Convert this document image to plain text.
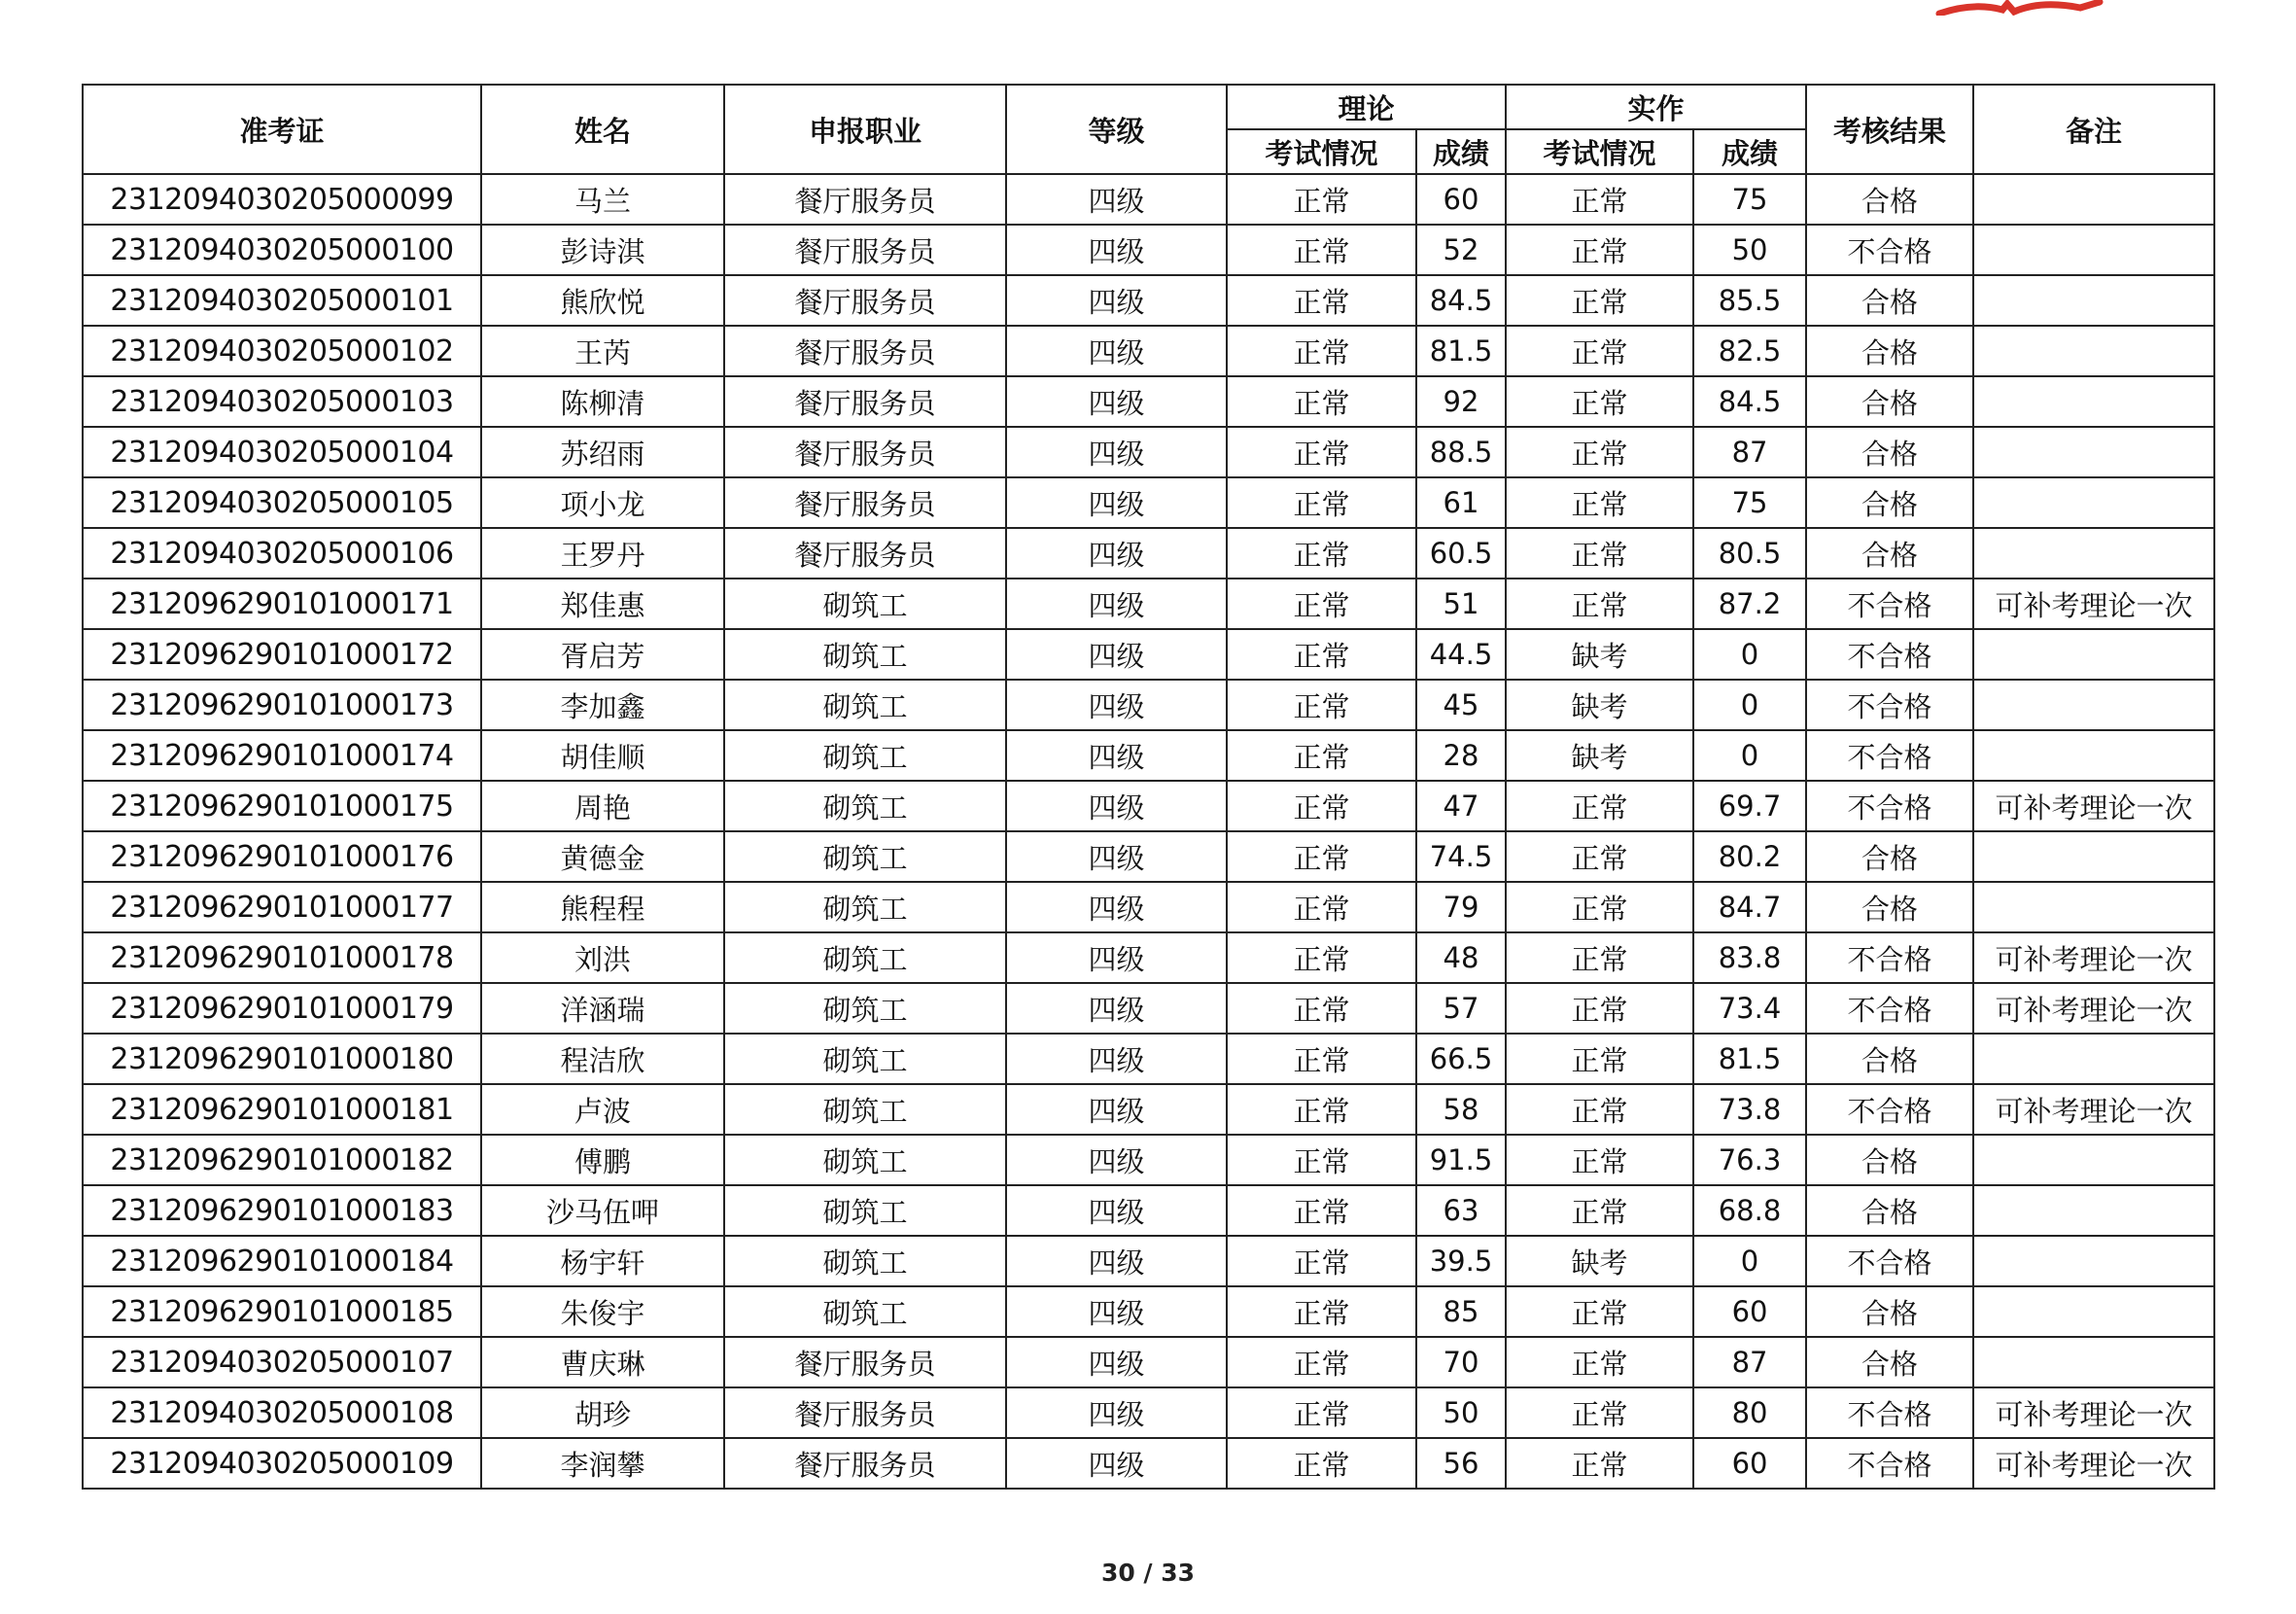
准考证	姓名	申报职业	等级	理论		实作		考核结果	备注
				考试情况	成绩	考试情况	成绩		
2312094030205000099	马兰	餐厅服务员	四级	正常	60	正常	75	合格	
2312094030205000100	彭诗淇	餐厅服务员	四级	正常	52	正常	50	不合格	
2312094030205000101	熊欣悦	餐厅服务员	四级	正常	84.5	正常	85.5	合格	
2312094030205000102	王芮	餐厅服务员	四级	正常	81.5	正常	82.5	合格	
2312094030205000103	陈柳清	餐厅服务员	四级	正常	92	正常	84.5	合格	
2312094030205000104	苏绍雨	餐厅服务员	四级	正常	88.5	正常	87	合格	
2312094030205000105	项小龙	餐厅服务员	四级	正常	61	正常	75	合格	
2312094030205000106	王罗丹	餐厅服务员	四级	正常	60.5	正常	80.5	合格	
2312096290101000171	郑佳惠	砌筑工	四级	正常	51	正常	87.2	不合格	可补考理论一次
2312096290101000172	胥启芳	砌筑工	四级	正常	44.5	缺考	0	不合格	
2312096290101000173	李加鑫	砌筑工	四级	正常	45	缺考	0	不合格	
2312096290101000174	胡佳顺	砌筑工	四级	正常	28	缺考	0	不合格	
2312096290101000175	周艳	砌筑工	四级	正常	47	正常	69.7	不合格	可补考理论一次
2312096290101000176	黄德金	砌筑工	四级	正常	74.5	正常	80.2	合格	
2312096290101000177	熊程程	砌筑工	四级	正常	79	正常	84.7	合格	
2312096290101000178	刘洪	砌筑工	四级	正常	48	正常	83.8	不合格	可补考理论一次
2312096290101000179	洋涵瑞	砌筑工	四级	正常	57	正常	73.4	不合格	可补考理论一次
2312096290101000180	程洁欣	砌筑工	四级	正常	66.5	正常	81.5	合格	
2312096290101000181	卢波	砌筑工	四级	正常	58	正常	73.8	不合格	可补考理论一次
2312096290101000182	傅鹏	砌筑工	四级	正常	91.5	正常	76.3	合格	
2312096290101000183	沙马伍呷	砌筑工	四级	正常	63	正常	68.8	合格	
2312096290101000184	杨宇轩	砌筑工	四级	正常	39.5	缺考	0	不合格	
2312096290101000185	朱俊宇	砌筑工	四级	正常	85	正常	60	合格	
2312094030205000107	曹庆琳	餐厅服务员	四级	正常	70	正常	87	合格	
2312094030205000108	胡珍	餐厅服务员	四级	正常	50	正常	80	不合格	可补考理论一次
2312094030205000109	李润攀	餐厅服务员	四级	正常	56	正常	60	不合格	可补考理论一次
30 / 33
